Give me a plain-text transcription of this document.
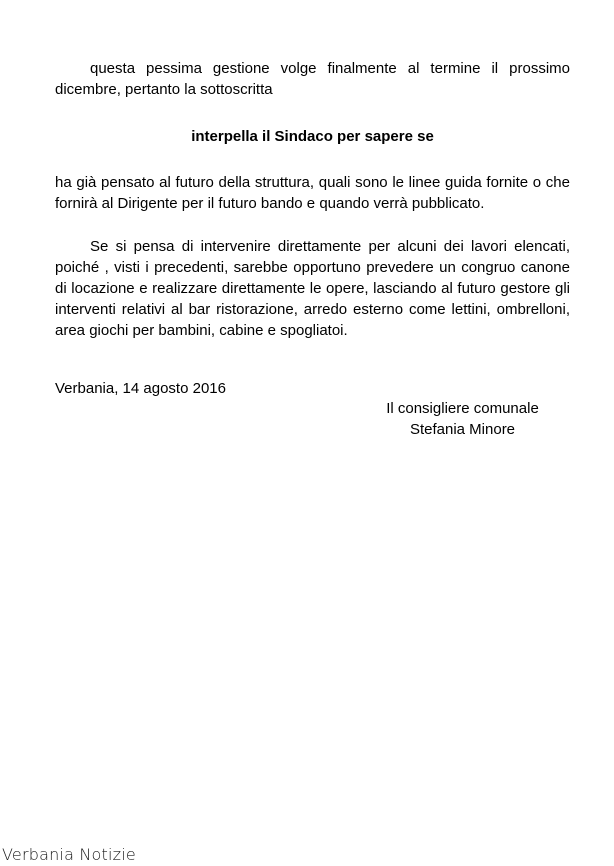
questa pessima gestione volge finalmente al termine il prossimo dicembre, pertanto la sottoscritta

interpella il Sindaco per sapere se

ha già pensato al futuro della struttura, quali sono le linee guida fornite o che fornirà al Dirigente per il futuro bando e quando verrà pubblicato.

Se si pensa di intervenire direttamente per alcuni dei lavori elencati, poiché , visti i precedenti, sarebbe opportuno prevedere un congruo canone di locazione e realizzare direttamente le opere, lasciando al futuro gestore gli interventi relativi al bar ristorazione, arredo esterno come lettini, ombrelloni, area giochi per bambini, cabine e spogliatoi.

Verbania, 14 agosto 2016
Il consigliere comunale
Stefania Minore
Verbania Notizie
